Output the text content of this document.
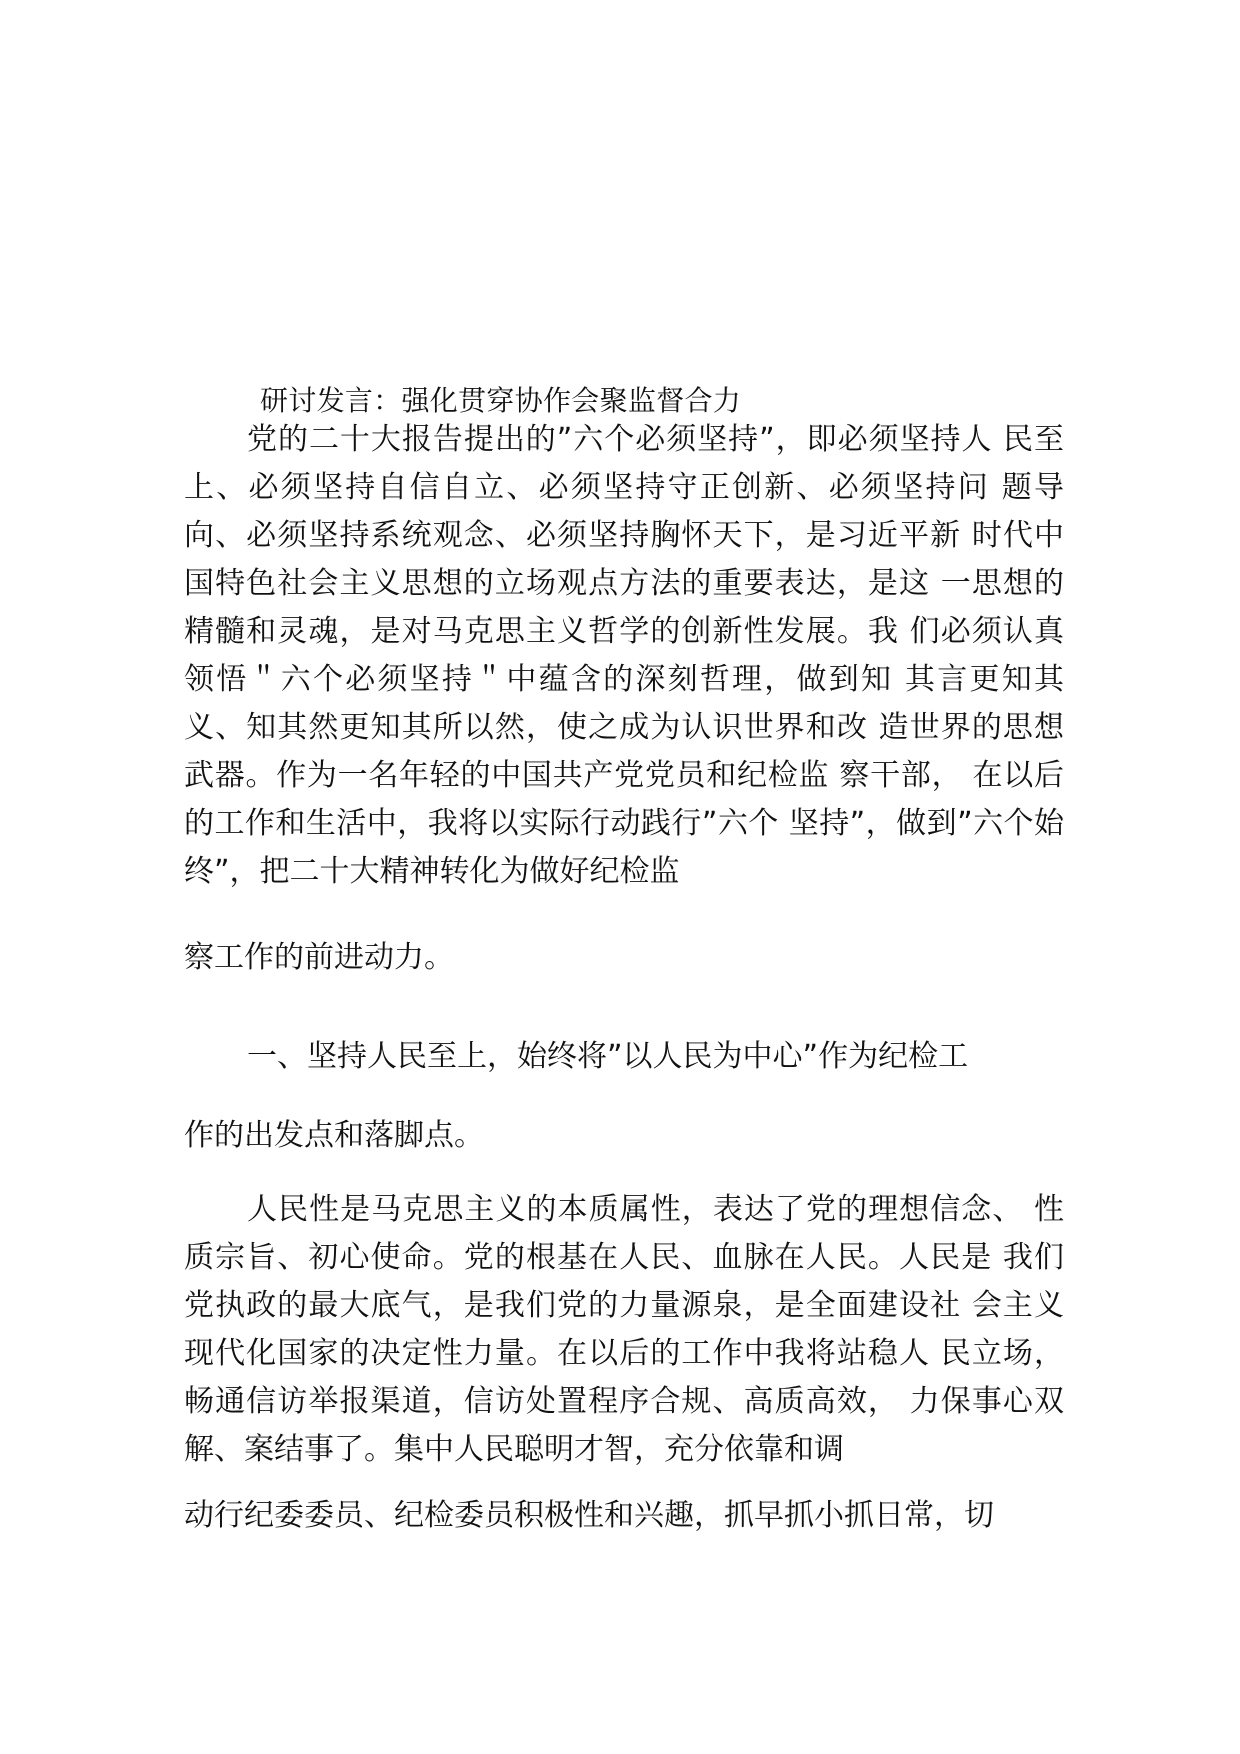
研讨发言：强化贯穿协作会聚监督合力
党的二十大报告提出的”六个必须坚持”，即必须坚持人 民至
上、必须坚持自信自立、必须坚持守正创新、必须坚持问 题导
向、必须坚持系统观念、必须坚持胸怀天下，是习近平新 时代中
国特色社会主义思想的立场观点方法的重要表达，是这 一思想的
精髓和灵魂，是对马克思主义哲学的创新性发展。我 们必须认真
领悟＂六个必须坚持＂中蕴含的深刻哲理，做到知 其言更知其
义、知其然更知其所以然，使之成为认识世界和改 造世界的思想
武器。作为一名年轻的中国共产党党员和纪检监 察干部， 在以后
的工作和生活中，我将以实际行动践行”六个 坚持”，做到”六个始
终”，把二十大精神转化为做好纪检监
察工作的前进动力。
一、坚持人民至上，始终将”以人民为中心”作为纪检工
作的出发点和落脚点。
人民性是马克思主义的本质属性，表达了党的理想信念、 性
质宗旨、初心使命。党的根基在人民、血脉在人民。人民是 我们
党执政的最大底气，是我们党的力量源泉，是全面建设社 会主义
现代化国家的决定性力量。在以后的工作中我将站稳人 民立场，
畅通信访举报渠道，信访处置程序合规、高质高效， 力保事心双
解、案结事了。集中人民聪明才智，充分依靠和调
动行纪委委员、纪检委员积极性和兴趣，抓早抓小抓日常，切
